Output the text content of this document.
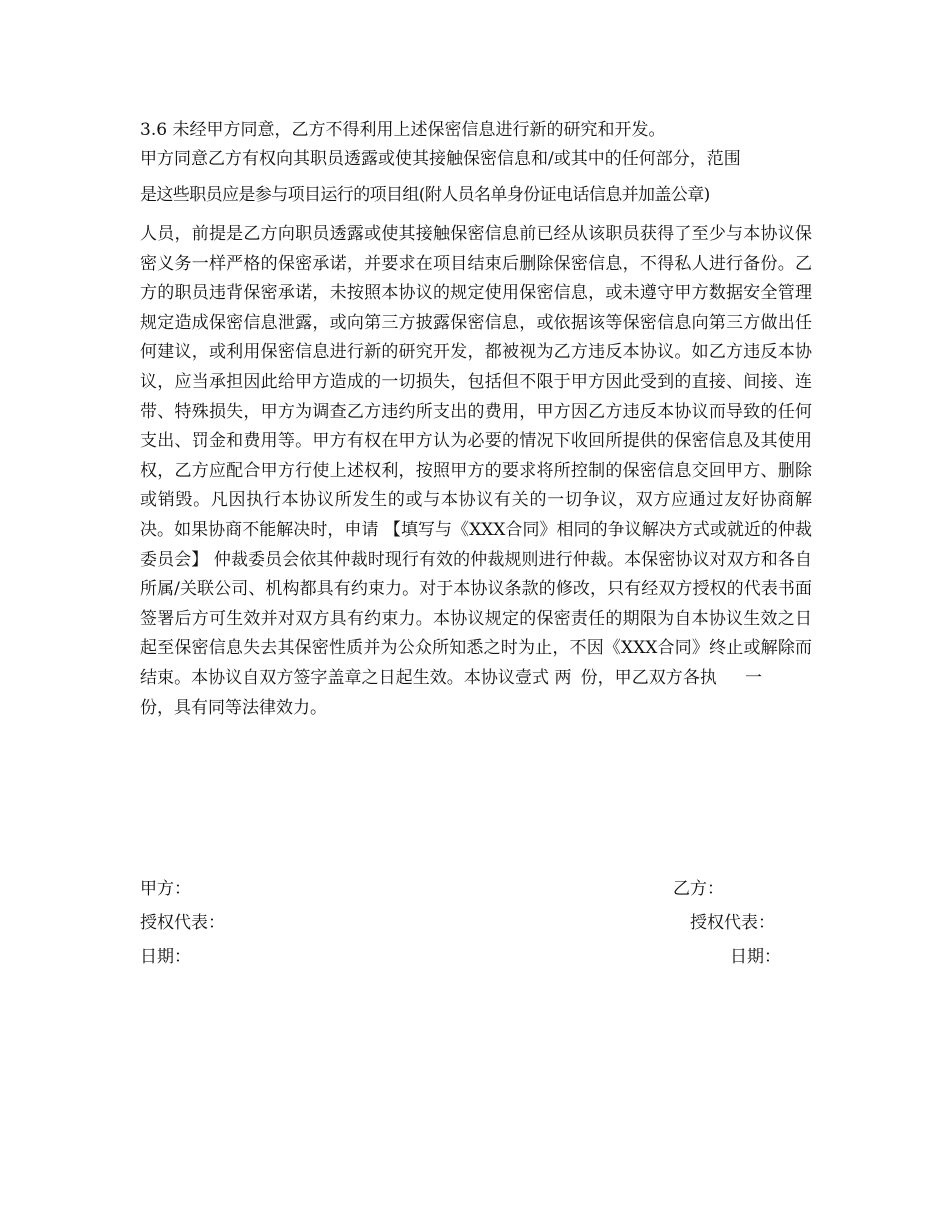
3.6 未经甲方同意，乙方不得利用上述保密信息进行新的研究和开发。
甲方同意乙方有权向其职员透露或使其接触保密信息和/或其中的任何部分，范围
是这些职员应是参与项目运行的项目组(附人员名单身份证电话信息并加盖公章)
人员，前提是乙方向职员透露或使其接触保密信息前已经从该职员获得了至少与本协议保密义务一样严格的保密承诺，并要求在项目结束后删除保密信息，不得私人进行备份。乙方的职员违背保密承诺，未按照本协议的规定使用保密信息，或未遵守甲方数据安全管理规定造成保密信息泄露，或向第三方披露保密信息，或依据该等保密信息向第三方做出任何建议，或利用保密信息进行新的研究开发，都被视为乙方违反本协议。如乙方违反本协议，应当承担因此给甲方造成的一切损失，包括但不限于甲方因此受到的直接、间接、连带、特殊损失，甲方为调查乙方违约所支出的费用，甲方因乙方违反本协议而导致的任何支出、罚金和费用等。甲方有权在甲方认为必要的情况下收回所提供的保密信息及其使用权，乙方应配合甲方行使上述权利，按照甲方的要求将所控制的保密信息交回甲方、删除或销毁。凡因执行本协议所发生的或与本协议有关的一切争议，双方应通过友好协商解决。如果协商不能解决时，申请 【填写与《XXX合同》相同的争议解决方式或就近的仲裁委员会】 仲裁委员会依其仲裁时现行有效的仲裁规则进行仲裁。本保密协议对双方和各自所属/关联公司、机构都具有约束力。对于本协议条款的修改，只有经双方授权的代表书面签署后方可生效并对双方具有约束力。本协议规定的保密责任的期限为自本协议生效之日起至保密信息失去其保密性质并为公众所知悉之时为止，不因《XXX合同》终止或解除而结束。本协议自双方签字盖章之日起生效。本协议壹式 两 份，甲乙双方各执 一份，具有同等法律效力。
甲方：	乙方：
授权代表：	授权代表：
日期：	日期：
